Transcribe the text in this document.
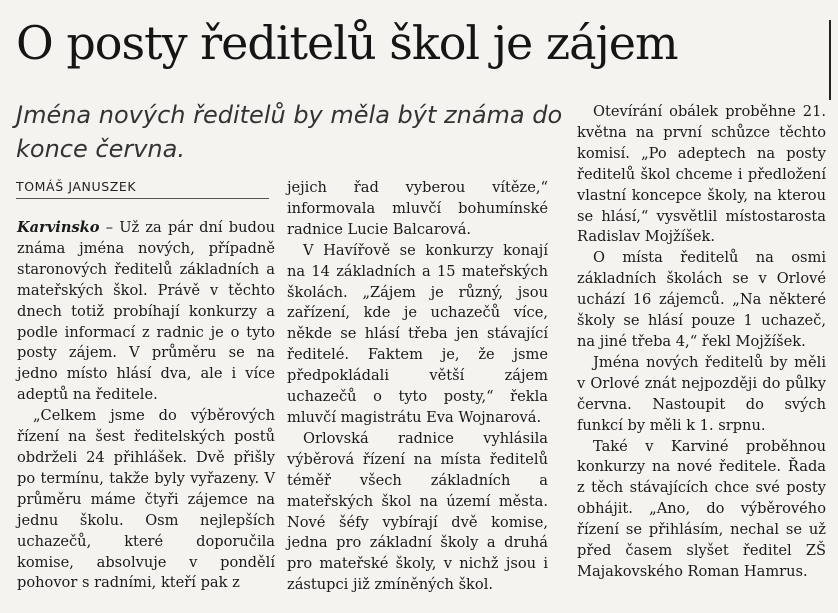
O posty ředitelů škol je zájem
Jména nových ředitelů by měla být známa do konce června.
TOMÁŠ JANUSZEK

Karvinsko – Už za pár dní budou známa jména nových, případně staronových ředitelů základních a mateřských škol. Právě v těchto dnech totiž probíhají konkurzy a podle informací z radnic je o tyto posty zájem. V průměru se na jedno místo hlásí dva, ale i více adeptů na ředitele.

„Celkem jsme do výběrových řízení na šest ředitelských postů obdrželi 24 přihlášek. Dvě přišly po termínu, takže byly vyřazeny. V průměru máme čtyři zájemce na jednu školu. Osm nejlepších uchazečů, které doporučila komise, absolvuje v pondělí pohovor s radními, kteří pak z

jejich řad vyberou vítěze,“ informovala mluvčí bohumínské radnice Lucie Balcarová.

V Havířově se konkurzy konají na 14 základních a 15 mateřských školách. „Zájem je různý, jsou zařízení, kde je uchazečů více, někde se hlásí třeba jen stávající ředitelé. Faktem je, že jsme předpokládali větší zájem uchazečů o tyto posty,“ řekla mluvčí magistrátu Eva Wojnarová.

Orlovská radnice vyhlásila výběrová řízení na místa ředitelů téměř všech základních a mateřských škol na území města. Nové šéfy vybírají dvě komise, jedna pro základní školy a druhá pro mateřské školy, v nichž jsou i zástupci již zmíněných škol.

Otevírání obálek proběhne 21. května na první schůzce těchto komisí. „Po adeptech na posty ředitelů škol chceme i předložení vlastní koncepce školy, na kterou se hlásí,“ vysvětlil místostarosta Radislav Mojžíšek.

O místa ředitelů na osmi základních školách se v Orlové uchází 16 zájemců. „Na některé školy se hlásí pouze 1 uchazeč, na jiné třeba 4,“ řekl Mojžíšek.

Jména nových ředitelů by měli v Orlové znát nejpozději do půlky června. Nastoupit do svých funkcí by měli k 1. srpnu.

Také v Karviné proběhnou konkurzy na nové ředitele. Řada z těch stávajících chce své posty obhájit. „Ano, do výběrového řízení se přihlásím, nechal se už před časem slyšet ředitel ZŠ Majakovského Roman Hamrus.
